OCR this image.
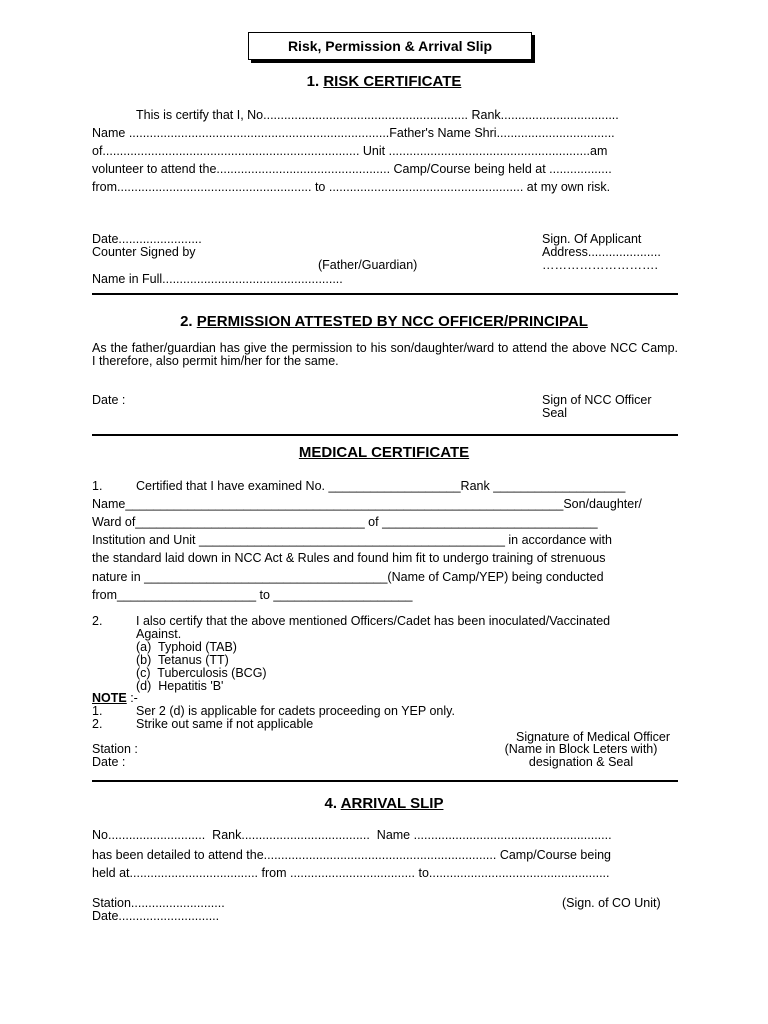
Risk, Permission & Arrival Slip
1. RISK CERTIFICATE
This is certify that I, No........................................................... Rank..................................
Name ...........................................................................Father's Name Shri..................................
of.......................................................................... Unit ..........................................................am
volunteer to attend the.................................................. Camp/Course being held at ..................
from........................................................ to ........................................................ at my own risk.
Date........................
Counter Signed by
(Father/Guardian)
Name in Full....................................................
Sign. Of Applicant
Address.....................
……………………….
2. PERMISSION ATTESTED BY NCC OFFICER/PRINCIPAL
As the father/guardian has give the permission to his son/daughter/ward to attend the above NCC Camp. I therefore, also permit him/her for the same.
Date :	Sign of NCC Officer
Seal
MEDICAL CERTIFICATE
1.	Certified that I have examined No. ___________________Rank ___________________
Name_______________________________________________________________Son/daughter/
Ward of_________________________________ of _______________________________
Institution and Unit ____________________________________________ in accordance with
the standard laid down in NCC Act & Rules and found him fit to undergo training of strenuous
nature in ___________________________________(Name of Camp/YEP) being conducted
from____________________ to ____________________
2.	I also certify that the above mentioned Officers/Cadet has been inoculated/Vaccinated
Against.
(a)  Typhoid (TAB)
(b)  Tetanus (TT)
(c)  Tuberculosis (BCG)
(d)  Hepatitis 'B'
NOTE :-
1.	Ser 2 (d) is applicable for cadets proceeding on YEP only.
2.	Strike out same if not applicable
Signature of Medical Officer
(Name in Block Leters with)
designation & Seal
Station :
Date :
4. ARRIVAL SLIP
No............................  Rank.....................................  Name .........................................................
has been detailed to attend the................................................................... Camp/Course being
held at..................................... from .................................... to....................................................
Station...........................
Date.............................
(Sign. of CO Unit)
